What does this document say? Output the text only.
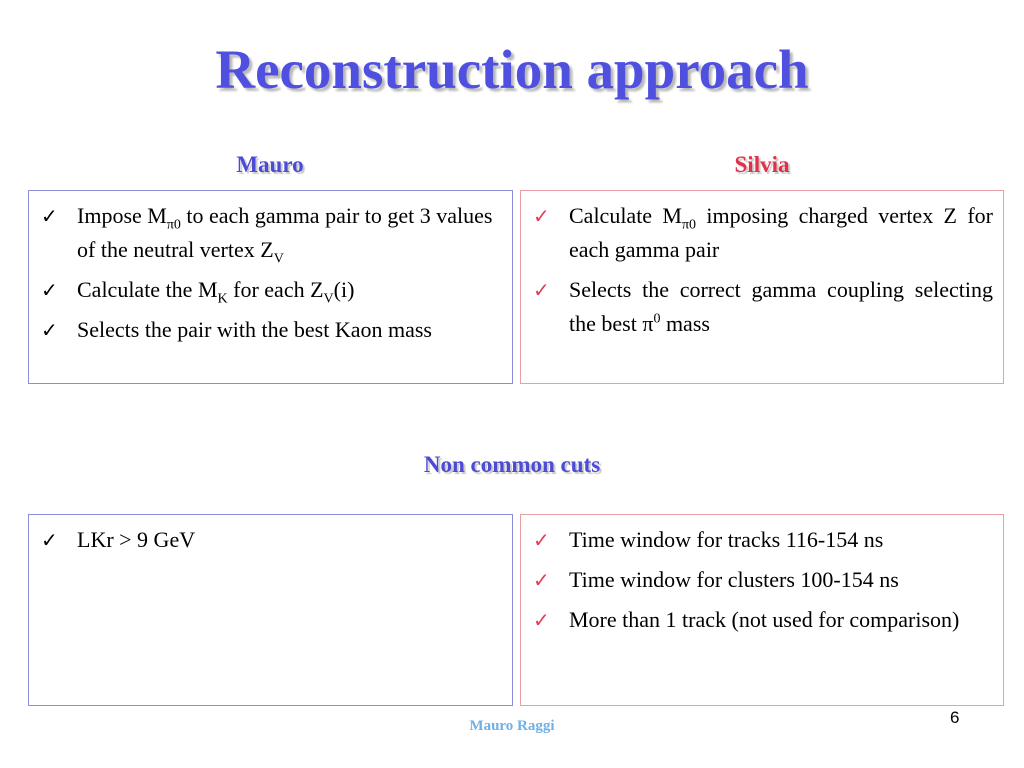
Reconstruction approach
Mauro	Silvia
✓ Impose $M_{\pi 0}$ to each gamma pair to get 3 values of the neutral vertex $Z_V$
✓ Calculate the $M_K$ for each $Z_V(i)$
✓ Selects the pair with the best Kaon mass
✓ Calculate $M_{\pi 0}$ imposing charged vertex Z for each gamma pair
✓ Selects the correct gamma coupling selecting the best $\pi^0$ mass
Non common cuts
✓ LKr > 9 GeV	✓ Time window for tracks 116-154 ns
✓ Time window for clusters 100-154 ns
✓ More than 1 track (not used for comparison)
Mauro Raggi	6
